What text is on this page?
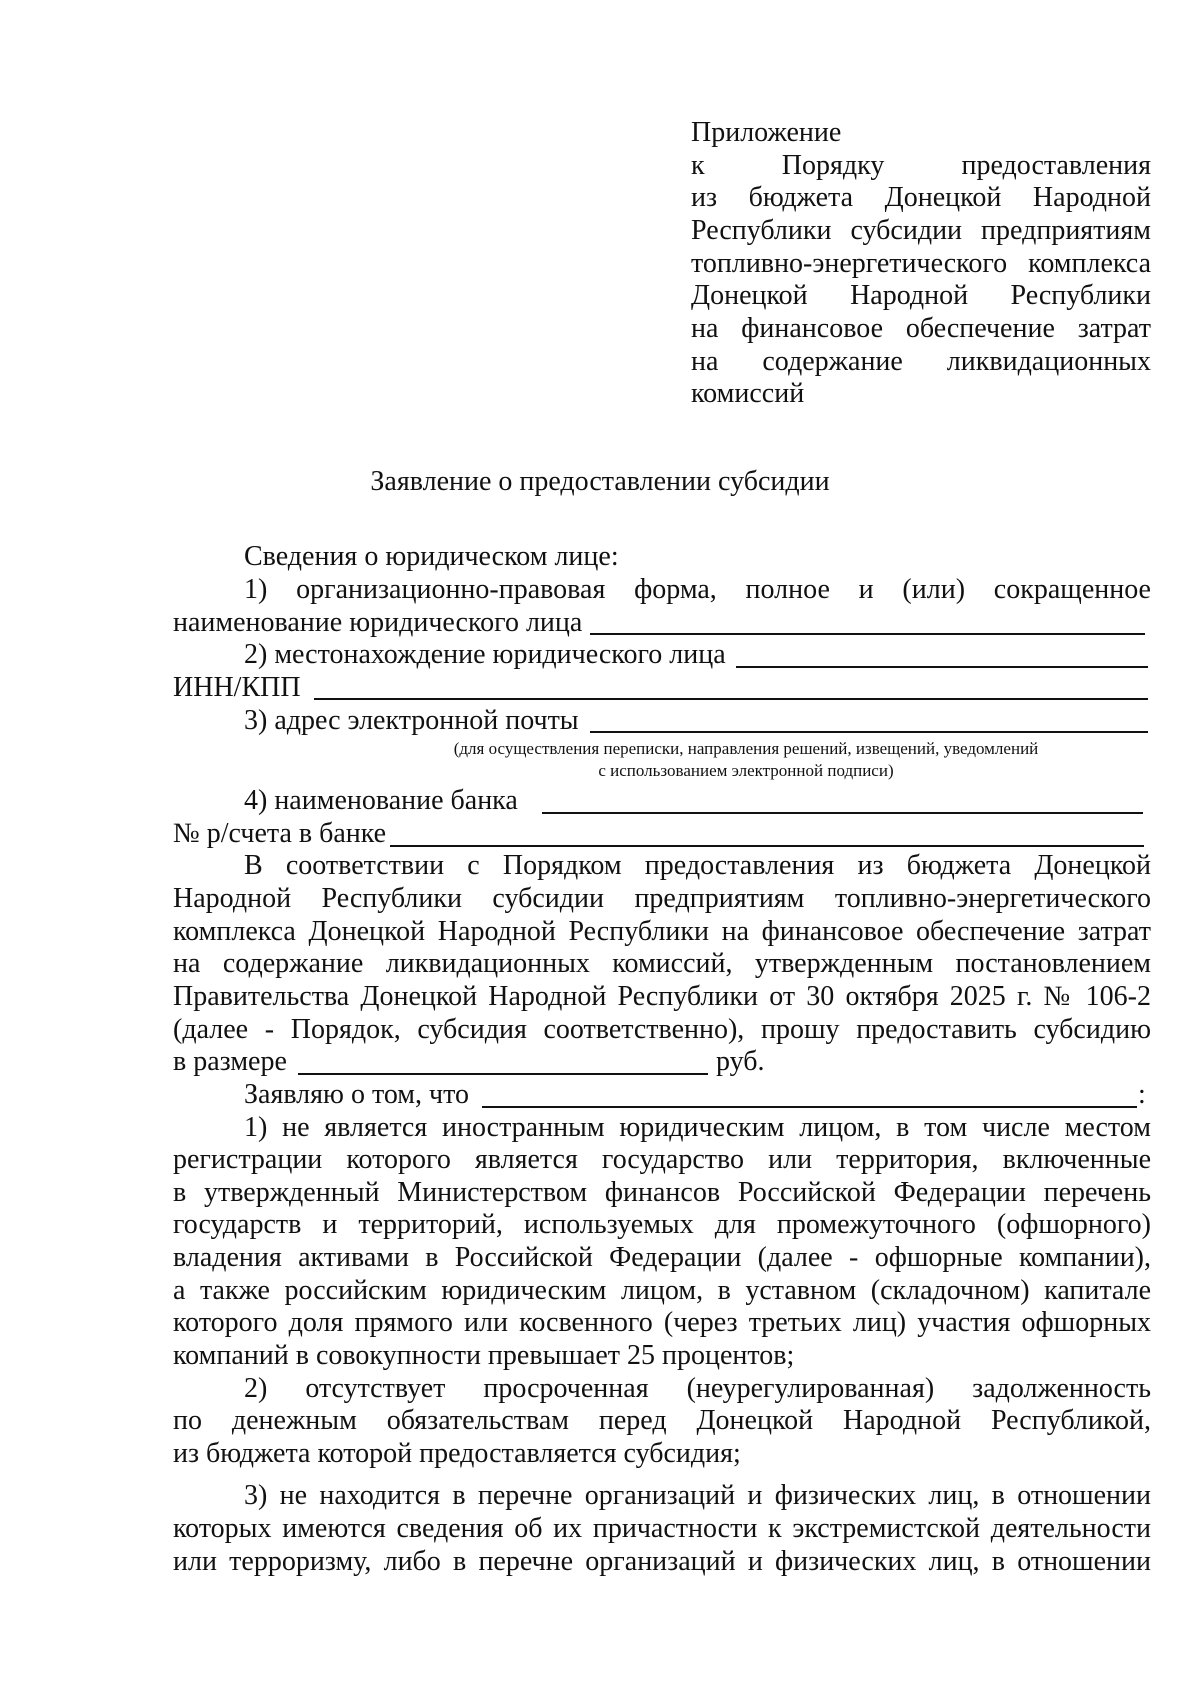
Приложение
к Порядку предоставления
из бюджета Донецкой Народной
Республики субсидии предприятиям
топливно-энергетического комплекса
Донецкой Народной Республики
на финансовое обеспечение затрат
на содержание ликвидационных
комиссий
Заявление о предоставлении субсидии
Сведения о юридическом лице:
1) организационно-правовая форма, полное и (или) сокращенное
наименование юридического лица
2) местонахождение юридического лица
ИНН/КПП
3) адрес электронной почты
(для осуществления переписки, направления решений, извещений, уведомлений
с использованием электронной подписи)
4) наименование банка
№ р/счета в банке
В соответствии с Порядком предоставления из бюджета Донецкой
Народной Республики субсидии предприятиям топливно-энергетического
комплекса Донецкой Народной Республики на финансовое обеспечение затрат
на содержание ликвидационных комиссий, утвержденным постановлением
Правительства Донецкой Народной Республики от 30 октября 2025 г. № 106-2
(далее - Порядок, субсидия соответственно), прошу предоставить субсидию
в размере	руб.
Заявляю о том, что	:
1) не является иностранным юридическим лицом, в том числе местом
регистрации которого является государство или территория, включенные
в утвержденный Министерством финансов Российской Федерации перечень
государств и территорий, используемых для промежуточного (офшорного)
владения активами в Российской Федерации (далее - офшорные компании),
а также российским юридическим лицом, в уставном (складочном) капитале
которого доля прямого или косвенного (через третьих лиц) участия офшорных
компаний в совокупности превышает 25 процентов;
2) отсутствует просроченная (неурегулированная) задолженность
по денежным обязательствам перед Донецкой Народной Республикой,
из бюджета которой предоставляется субсидия;
3) не находится в перечне организаций и физических лиц, в отношении
которых имеются сведения об их причастности к экстремистской деятельности
или терроризму, либо в перечне организаций и физических лиц, в отношении
